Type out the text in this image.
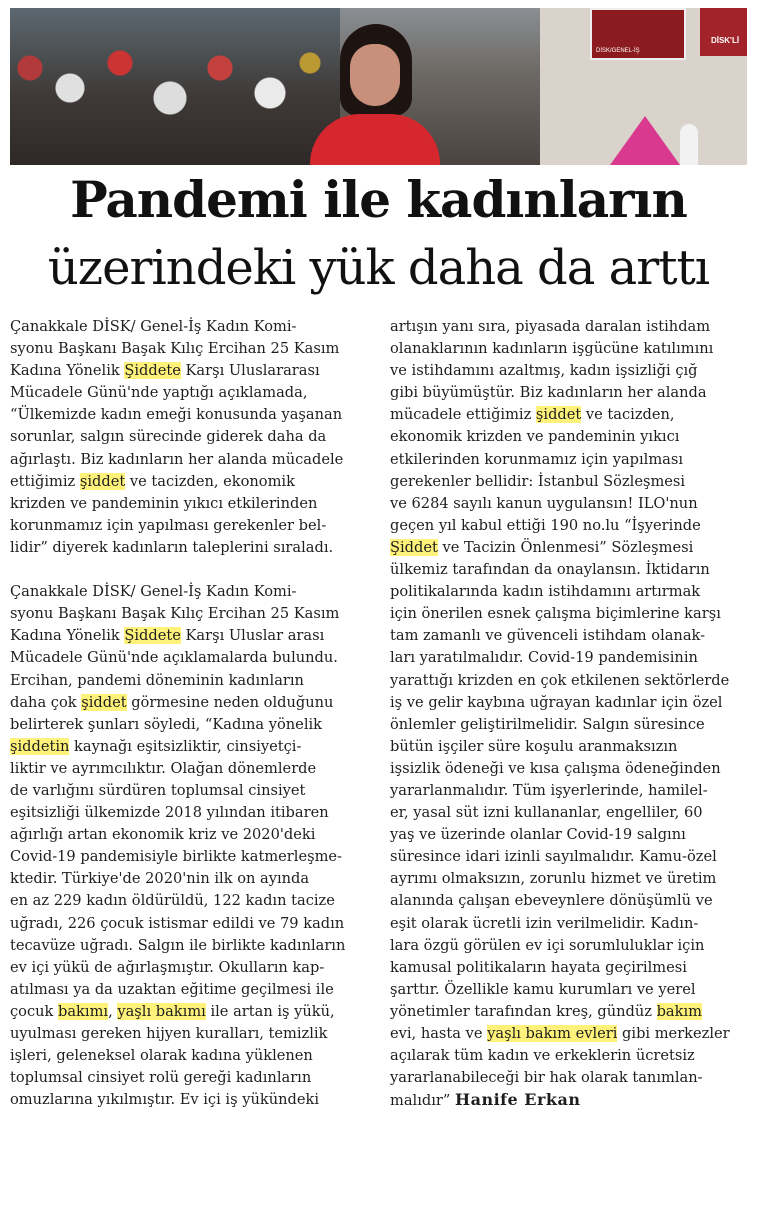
DİSK/GENEL-İŞ
DİSK'Lİ
Pandemi ile kadınların
üzerindeki yük daha da arttı
Çanakkale DİSK/ Genel-İş Kadın Komi-
syonu Başkanı Başak Kılıç Ercihan 25 Kasım
Kadına Yönelik Şiddete Karşı Uluslararası
Mücadele Günü'nde yaptığı açıklamada,
“Ülkemizde kadın emeği konusunda yaşanan
sorunlar, salgın sürecinde giderek daha da
ağırlaştı. Biz kadınların her alanda mücadele
ettiğimiz şiddet ve tacizden, ekonomik
krizden ve pandeminin yıkıcı etkilerinden
korunmamız için yapılması gerekenler bel-
lidir” diyerek kadınların taleplerini sıraladı.
Çanakkale DİSK/ Genel-İş Kadın Komi-
syonu Başkanı Başak Kılıç Ercihan 25 Kasım
Kadına Yönelik Şiddete Karşı Uluslar arası
Mücadele Günü'nde açıklamalarda bulundu.
Ercihan, pandemi döneminin kadınların
daha çok şiddet görmesine neden olduğunu
belirterek şunları söyledi, “Kadına yönelik
şiddetin kaynağı eşitsizliktir, cinsiyetçi-
liktir ve ayrımcılıktır. Olağan dönemlerde
de varlığını sürdüren toplumsal cinsiyet
eşitsizliği ülkemizde 2018 yılından itibaren
ağırlığı artan ekonomik kriz ve 2020'deki
Covid-19 pandemisiyle birlikte katmerleşme-
ktedir. Türkiye'de 2020'nin ilk on ayında
en az 229 kadın öldürüldü, 122 kadın tacize
uğradı, 226 çocuk istismar edildi ve 79 kadın
tecavüze uğradı. Salgın ile birlikte kadınların
ev içi yükü de ağırlaşmıştır. Okulların kap-
atılması ya da uzaktan eğitime geçilmesi ile
çocuk bakımı, yaşlı bakımı ile artan iş yükü,
uyulması gereken hijyen kuralları, temizlik
işleri, geleneksel olarak kadına yüklenen
toplumsal cinsiyet rolü gereği kadınların
omuzlarına yıkılmıştır. Ev içi iş yükündeki
artışın yanı sıra, piyasada daralan istihdam
olanaklarının kadınların işgücüne katılımını
ve istihdamını azaltmış, kadın işsizliği çığ
gibi büyümüştür. Biz kadınların her alanda
mücadele ettiğimiz şiddet ve tacizden,
ekonomik krizden ve pandeminin yıkıcı
etkilerinden korunmamız için yapılması
gerekenler bellidir: İstanbul Sözleşmesi
ve 6284 sayılı kanun uygulansın! ILO'nun
geçen yıl kabul ettiği 190 no.lu “İşyerinde
Şiddet ve Tacizin Önlenmesi” Sözleşmesi
ülkemiz tarafından da onaylansın. İktidarın
politikalarında kadın istihdamını artırmak
için önerilen esnek çalışma biçimlerine karşı
tam zamanlı ve güvenceli istihdam olanak-
ları yaratılmalıdır. Covid-19 pandemisinin
yarattığı krizden en çok etkilenen sektörlerde
iş ve gelir kaybına uğrayan kadınlar için özel
önlemler geliştirilmelidir. Salgın süresince
bütün işçiler süre koşulu aranmaksızın
işsizlik ödeneği ve kısa çalışma ödeneğinden
yararlanmalıdır. Tüm işyerlerinde, hamilel-
er, yasal süt izni kullananlar, engelliler, 60
yaş ve üzerinde olanlar Covid-19 salgını
süresince idari izinli sayılmalıdır. Kamu-özel
ayrımı olmaksızın, zorunlu hizmet ve üretim
alanında çalışan ebeveynlere dönüşümlü ve
eşit olarak ücretli izin verilmelidir. Kadın-
lara özgü görülen ev içi sorumluluklar için
kamusal politikaların hayata geçirilmesi
şarttır. Özellikle kamu kurumları ve yerel
yönetimler tarafından kreş, gündüz bakım
evi, hasta ve yaşlı bakım evleri gibi merkezler
açılarak tüm kadın ve erkeklerin ücretsiz
yararlanabileceği bir hak olarak tanımlan-
malıdır” Hanife Erkan
